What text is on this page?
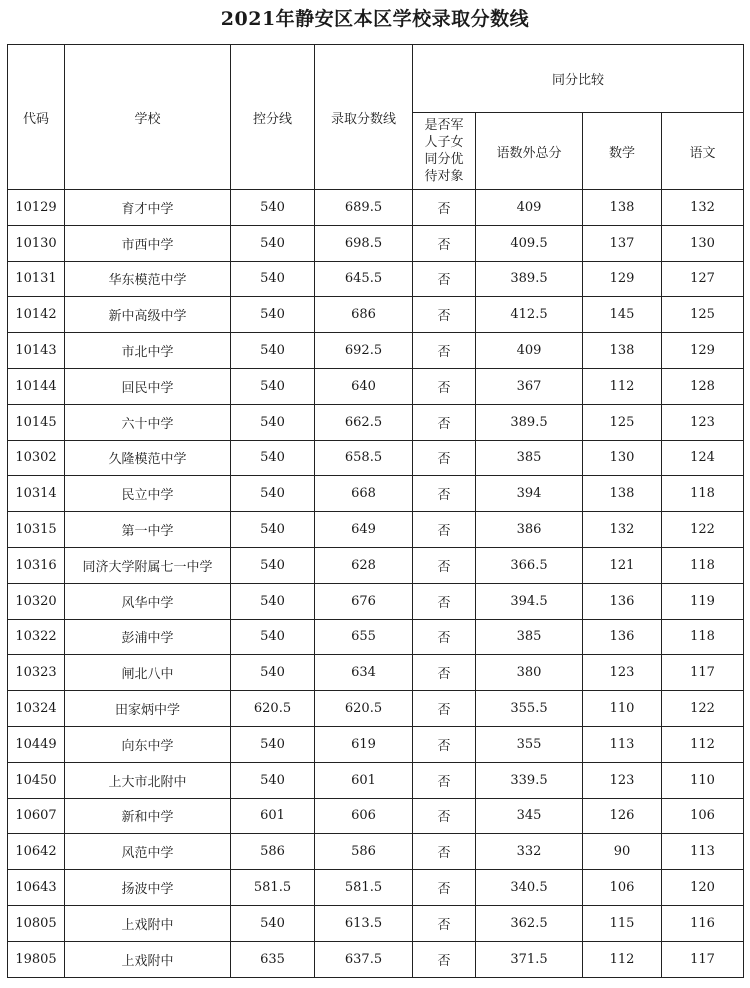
2021年静安区本区学校录取分数线
代码	学校	控分线	录取分数线	同分比较			
				是否军
人子女
同分优
待对象	语数外总分	数学	语文
10129	育才中学	540	689.5	否	409	138	132
10130	市西中学	540	698.5	否	409.5	137	130
10131	华东模范中学	540	645.5	否	389.5	129	127
10142	新中高级中学	540	686	否	412.5	145	125
10143	市北中学	540	692.5	否	409	138	129
10144	回民中学	540	640	否	367	112	128
10145	六十中学	540	662.5	否	389.5	125	123
10302	久隆模范中学	540	658.5	否	385	130	124
10314	民立中学	540	668	否	394	138	118
10315	第一中学	540	649	否	386	132	122
10316	同济大学附属七一中学	540	628	否	366.5	121	118
10320	风华中学	540	676	否	394.5	136	119
10322	彭浦中学	540	655	否	385	136	118
10323	闸北八中	540	634	否	380	123	117
10324	田家炳中学	620.5	620.5	否	355.5	110	122
10449	向东中学	540	619	否	355	113	112
10450	上大市北附中	540	601	否	339.5	123	110
10607	新和中学	601	606	否	345	126	106
10642	风范中学	586	586	否	332	90	113
10643	扬波中学	581.5	581.5	否	340.5	106	120
10805	上戏附中	540	613.5	否	362.5	115	116
19805	上戏附中	635	637.5	否	371.5	112	117
